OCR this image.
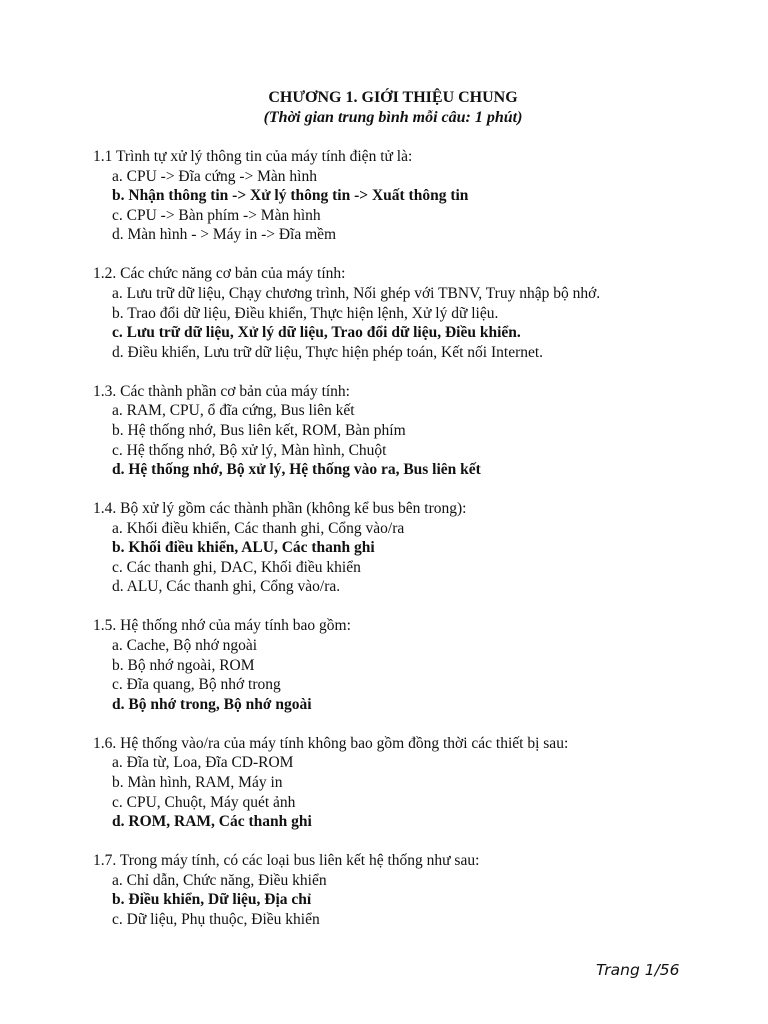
CHƯƠNG 1. GIỚI THIỆU CHUNG
(Thời gian trung bình mỗi câu: 1 phút)
1.1 Trình tự xử lý thông tin của máy tính điện tử là:
a. CPU -> Đĩa cứng -> Màn hình
b. Nhận thông tin -> Xử lý thông tin -> Xuất thông tin
c. CPU -> Bàn phím -> Màn hình
d. Màn hình - > Máy in -> Đĩa mềm
1.2. Các chức năng cơ bản của máy tính:
a. Lưu trữ dữ liệu, Chạy chương trình, Nối ghép với TBNV, Truy nhập bộ nhớ.
b. Trao đổi dữ liệu, Điều khiển, Thực hiện lệnh, Xử lý dữ liệu.
c. Lưu trữ dữ liệu, Xử lý dữ liệu, Trao đổi dữ liệu, Điều khiển.
d. Điều khiển, Lưu trữ dữ liệu, Thực hiện phép toán, Kết nối Internet.
1.3. Các thành phần cơ bản của máy tính:
a. RAM, CPU, ổ đĩa cứng, Bus liên kết
b. Hệ thống nhớ, Bus liên kết, ROM, Bàn phím
c. Hệ thống nhớ, Bộ xử lý, Màn hình, Chuột
d. Hệ thống nhớ, Bộ xử lý, Hệ thống vào ra, Bus liên kết
1.4. Bộ xử lý gồm các thành phần (không kể bus bên trong):
a. Khối điều khiển, Các thanh ghi, Cổng vào/ra
b. Khối điều khiển, ALU, Các thanh ghi
c. Các thanh ghi, DAC, Khối điều khiển
d. ALU, Các thanh ghi, Cổng vào/ra.
1.5. Hệ thống nhớ của máy tính bao gồm:
a. Cache, Bộ nhớ ngoài
b. Bộ nhớ ngoài, ROM
c. Đĩa quang, Bộ nhớ trong
d. Bộ nhớ trong, Bộ nhớ ngoài
1.6. Hệ thống vào/ra của máy tính không bao gồm đồng thời các thiết bị sau:
a. Đĩa từ, Loa, Đĩa CD-ROM
b. Màn hình, RAM, Máy in
c. CPU, Chuột, Máy quét ảnh
d. ROM, RAM, Các thanh ghi
1.7. Trong máy tính, có các loại bus liên kết hệ thống như sau:
a. Chỉ dẫn, Chức năng, Điều khiển
b. Điều khiển, Dữ liệu, Địa chỉ
c. Dữ liệu, Phụ thuộc, Điều khiển
Trang 1/56
